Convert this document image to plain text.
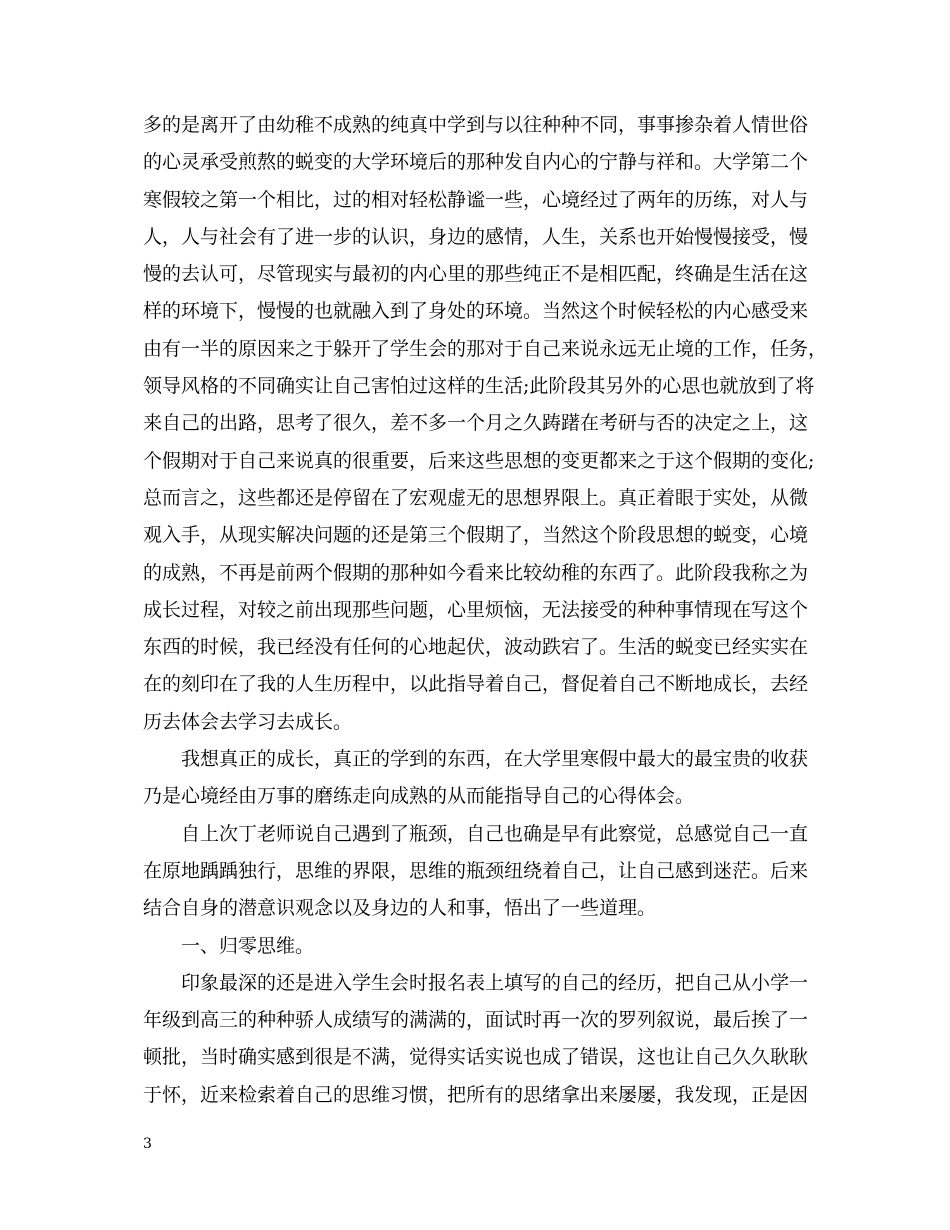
多的是离开了由幼稚不成熟的纯真中学到与以往种种不同，事事掺杂着人情世俗
的心灵承受煎熬的蜕变的大学环境后的那种发自内心的宁静与祥和。大学第二个
寒假较之第一个相比，过的相对轻松静谧一些，心境经过了两年的历练，对人与
人，人与社会有了进一步的认识，身边的感情，人生，关系也开始慢慢接受，慢
慢的去认可，尽管现实与最初的内心里的那些纯正不是相匹配，终确是生活在这
样的环境下，慢慢的也就融入到了身处的环境。当然这个时候轻松的内心感受来
由有一半的原因来之于躲开了学生会的那对于自己来说永远无止境的工作，任务，
领导风格的不同确实让自己害怕过这样的生活;此阶段其另外的心思也就放到了将
来自己的出路，思考了很久，差不多一个月之久踌躇在考研与否的决定之上，这
个假期对于自己来说真的很重要，后来这些思想的变更都来之于这个假期的变化;
总而言之，这些都还是停留在了宏观虚无的思想界限上。真正着眼于实处，从微
观入手，从现实解决问题的还是第三个假期了，当然这个阶段思想的蜕变，心境
的成熟，不再是前两个假期的那种如今看来比较幼稚的东西了。此阶段我称之为
成长过程，对较之前出现那些问题，心里烦恼，无法接受的种种事情现在写这个
东西的时候，我已经没有任何的心地起伏，波动跌宕了。生活的蜕变已经实实在
在的刻印在了我的人生历程中，以此指导着自己，督促着自己不断地成长，去经
历去体会去学习去成长。
我想真正的成长，真正的学到的东西，在大学里寒假中最大的最宝贵的收获
乃是心境经由万事的磨练走向成熟的从而能指导自己的心得体会。
自上次丁老师说自己遇到了瓶颈，自己也确是早有此察觉，总感觉自己一直
在原地踽踽独行，思维的界限，思维的瓶颈纽绕着自己，让自己感到迷茫。后来
结合自身的潜意识观念以及身边的人和事，悟出了一些道理。
一、归零思维。
印象最深的还是进入学生会时报名表上填写的自己的经历，把自己从小学一
年级到高三的种种骄人成绩写的满满的，面试时再一次的罗列叙说，最后挨了一
顿批，当时确实感到很是不满，觉得实话实说也成了错误，这也让自己久久耿耿
于怀，近来检索着自己的思维习惯，把所有的思绪拿出来屡屡，我发现，正是因
3
